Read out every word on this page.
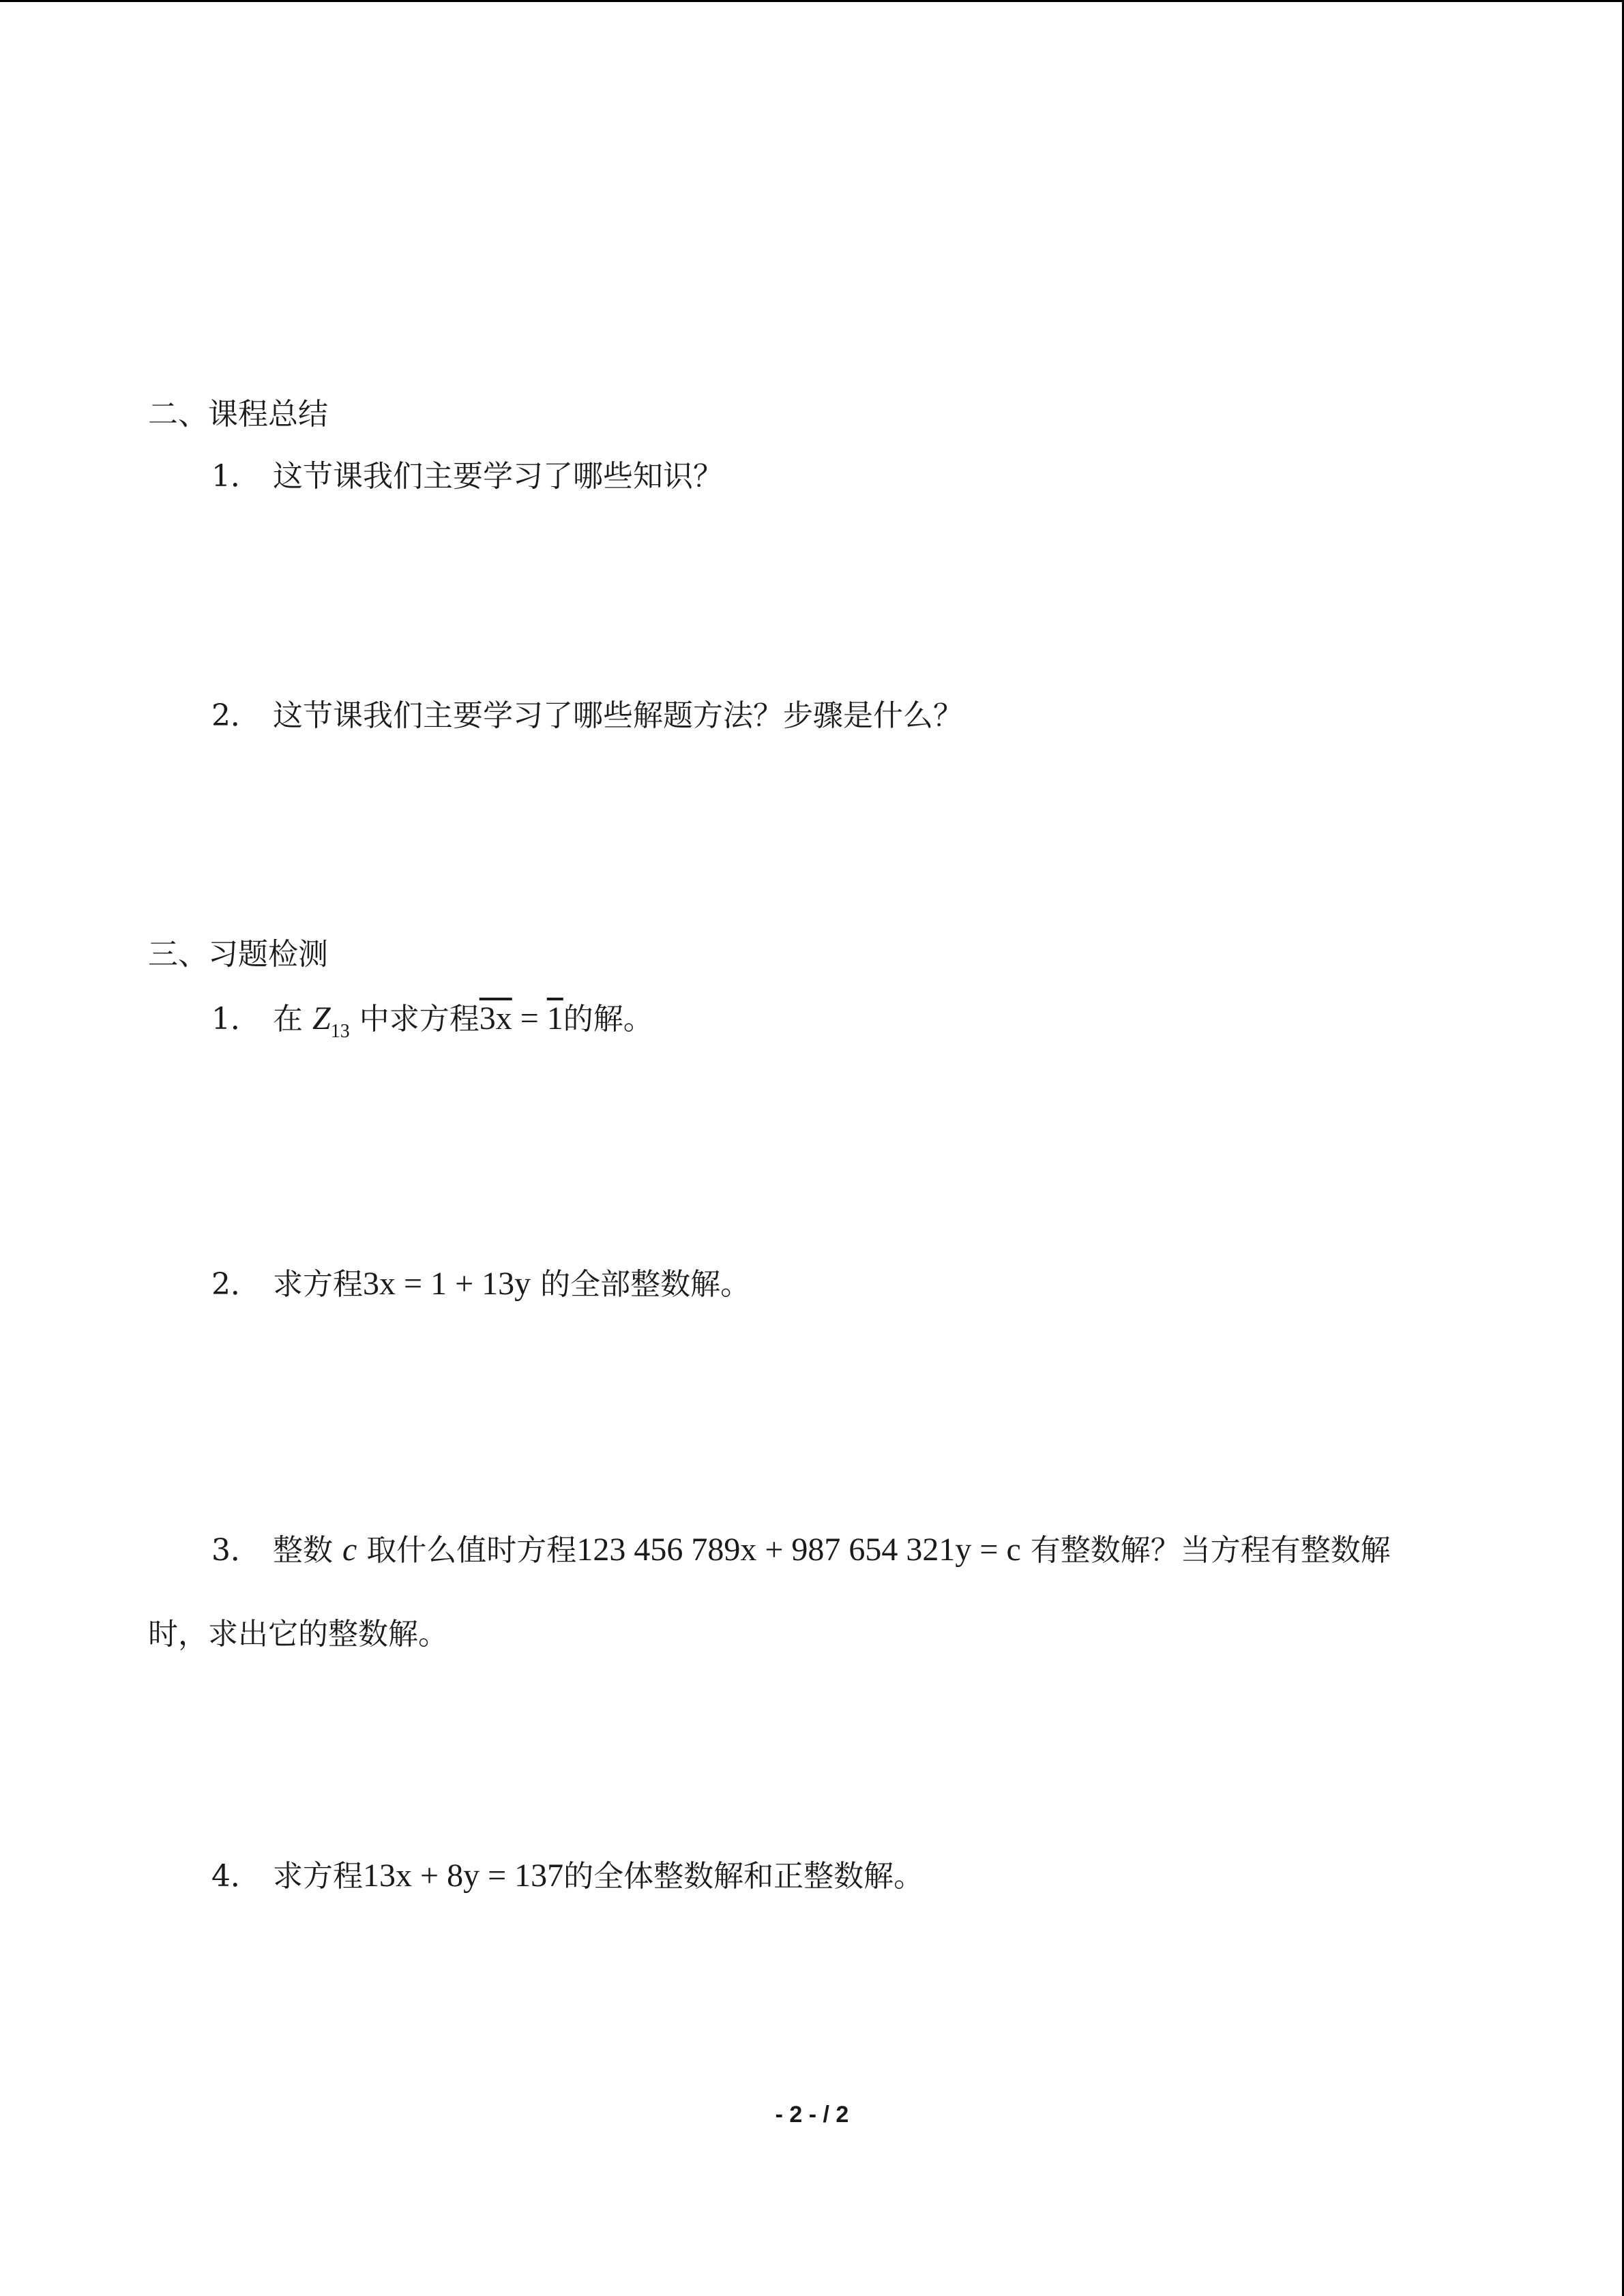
二、课程总结
1． 这节课我们主要学习了哪些知识？
2． 这节课我们主要学习了哪些解题方法？步骤是什么？
三、习题检测
1． 在 $Z_{13}$ 中求方程3x = 1的解。
2． 求方程3x = 1 + 13y 的全部整数解。
3． 整数 c 取什么值时方程123 456 789x + 987 654 321y = c 有整数解？当方程有整数解
时，求出它的整数解。
4． 求方程13x + 8y = 137的全体整数解和正整数解。
- 2 - / 2
